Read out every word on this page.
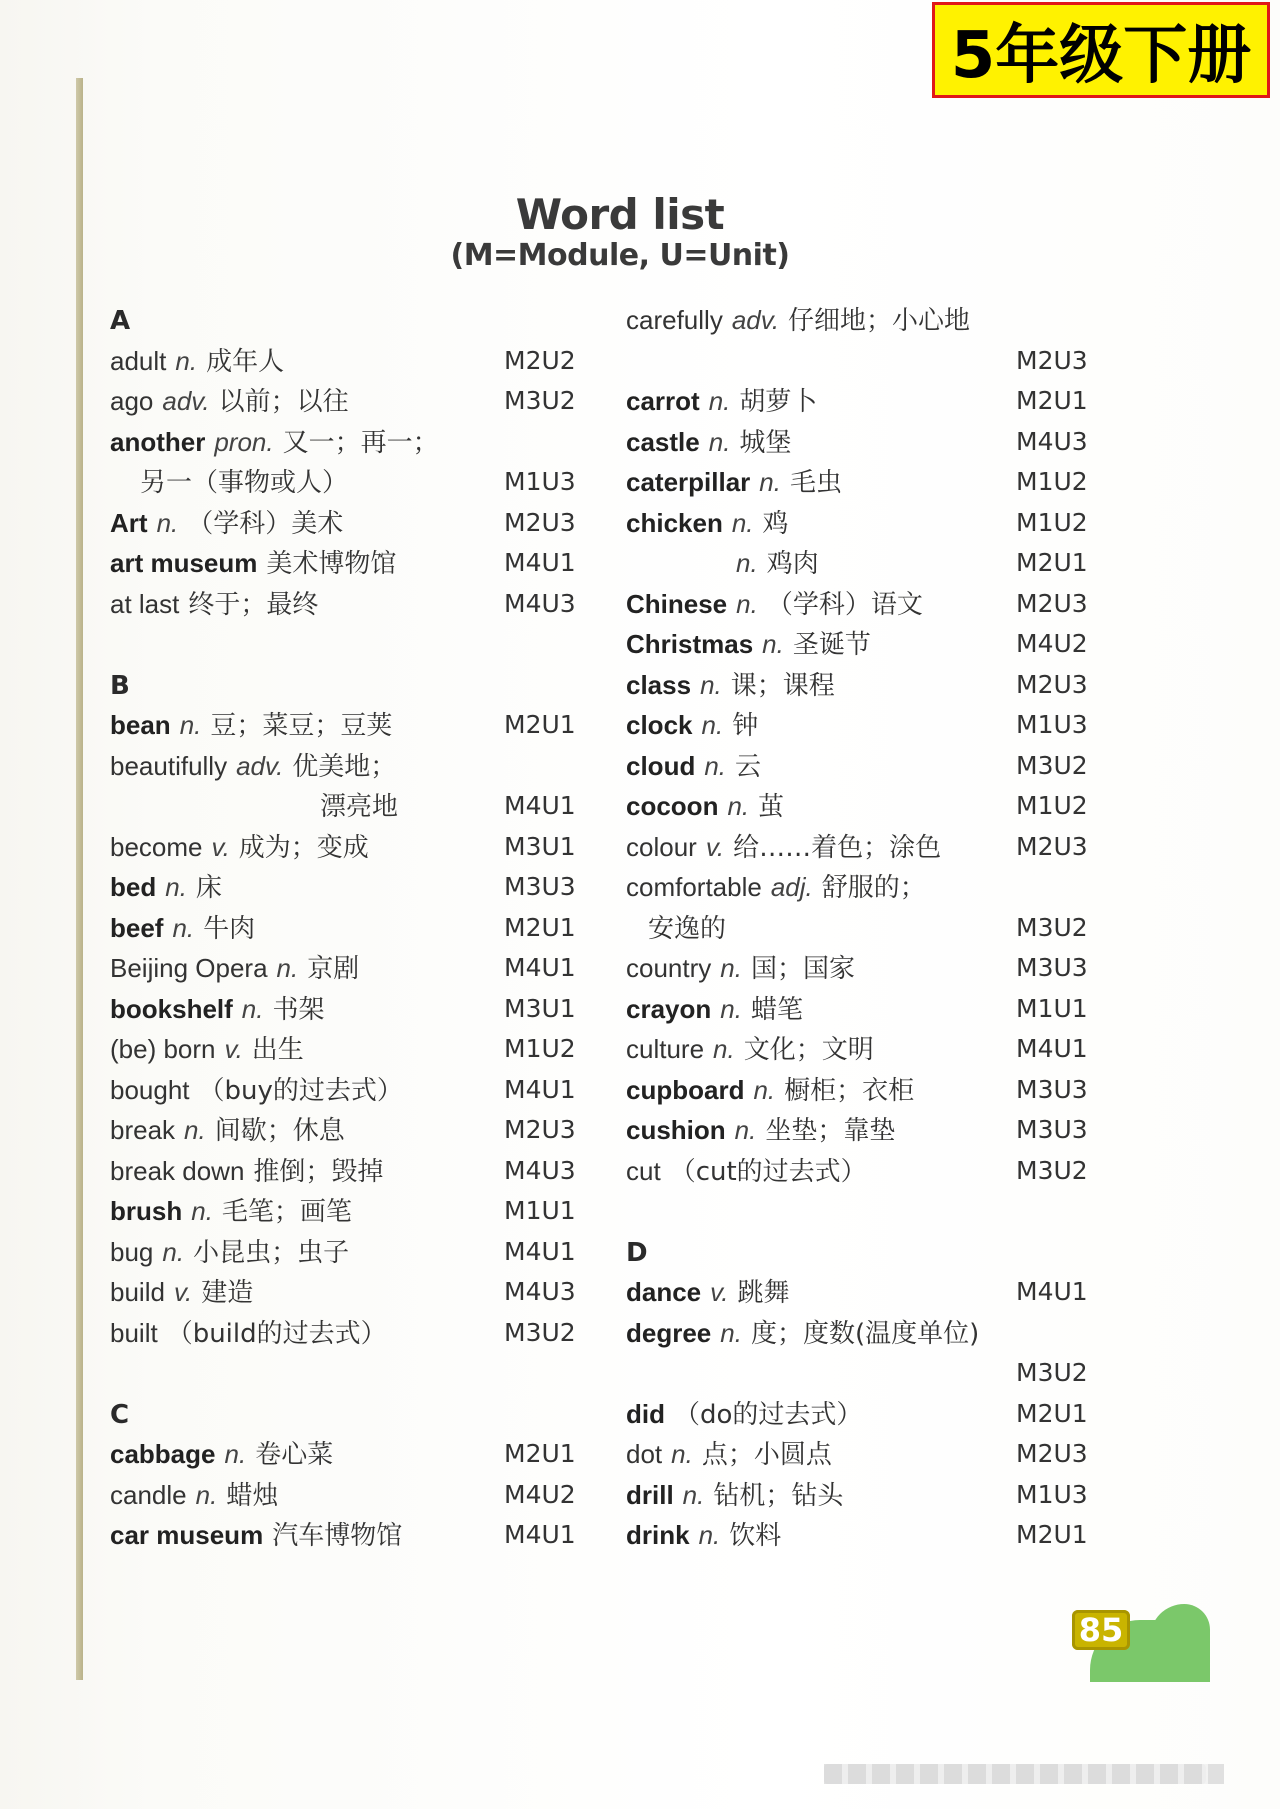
5年级下册
Word list
(M=Module, U=Unit)
A
adult n. 成年人	M2U2
ago adv. 以前；以往	M3U2
another pron. 又一；再一；
另一（事物或人）	M1U3
Art n. （学科）美术	M2U3
art museum 美术博物馆	M4U1
at last 终于；最终	M4U3
B
bean n. 豆；菜豆；豆荚	M2U1
beautifully adv. 优美地；
漂亮地	M4U1
become v. 成为；变成	M3U1
bed n. 床	M3U3
beef n. 牛肉	M2U1
Beijing Opera n. 京剧	M4U1
bookshelf n. 书架	M3U1
(be) born v. 出生	M1U2
bought （buy的过去式）	M4U1
break n. 间歇；休息	M2U3
break down 推倒；毁掉	M4U3
brush n. 毛笔；画笔	M1U1
bug n. 小昆虫；虫子	M4U1
build v. 建造	M4U3
built （build的过去式）	M3U2
C
cabbage n. 卷心菜	M2U1
candle n. 蜡烛	M4U2
car museum 汽车博物馆	M4U1
carefully adv. 仔细地；小心地
M2U3
carrot n. 胡萝卜	M2U1
castle n. 城堡	M4U3
caterpillar n. 毛虫	M1U2
chicken n. 鸡	M1U2
n. 鸡肉	M2U1
Chinese n. （学科）语文	M2U3
Christmas n. 圣诞节	M4U2
class n. 课；课程	M2U3
clock n. 钟	M1U3
cloud n. 云	M3U2
cocoon n. 茧	M1U2
colour v. 给……着色；涂色	M2U3
comfortable adj. 舒服的；
安逸的	M3U2
country n. 国；国家	M3U3
crayon n. 蜡笔	M1U1
culture n. 文化；文明	M4U1
cupboard n. 橱柜；衣柜	M3U3
cushion n. 坐垫；靠垫	M3U3
cut （cut的过去式）	M3U2
D
dance v. 跳舞	M4U1
degree n. 度；度数(温度单位)
M3U2
did （do的过去式）	M2U1
dot n. 点；小圆点	M2U3
drill n. 钻机；钻头	M1U3
drink n. 饮料	M2U1
85
